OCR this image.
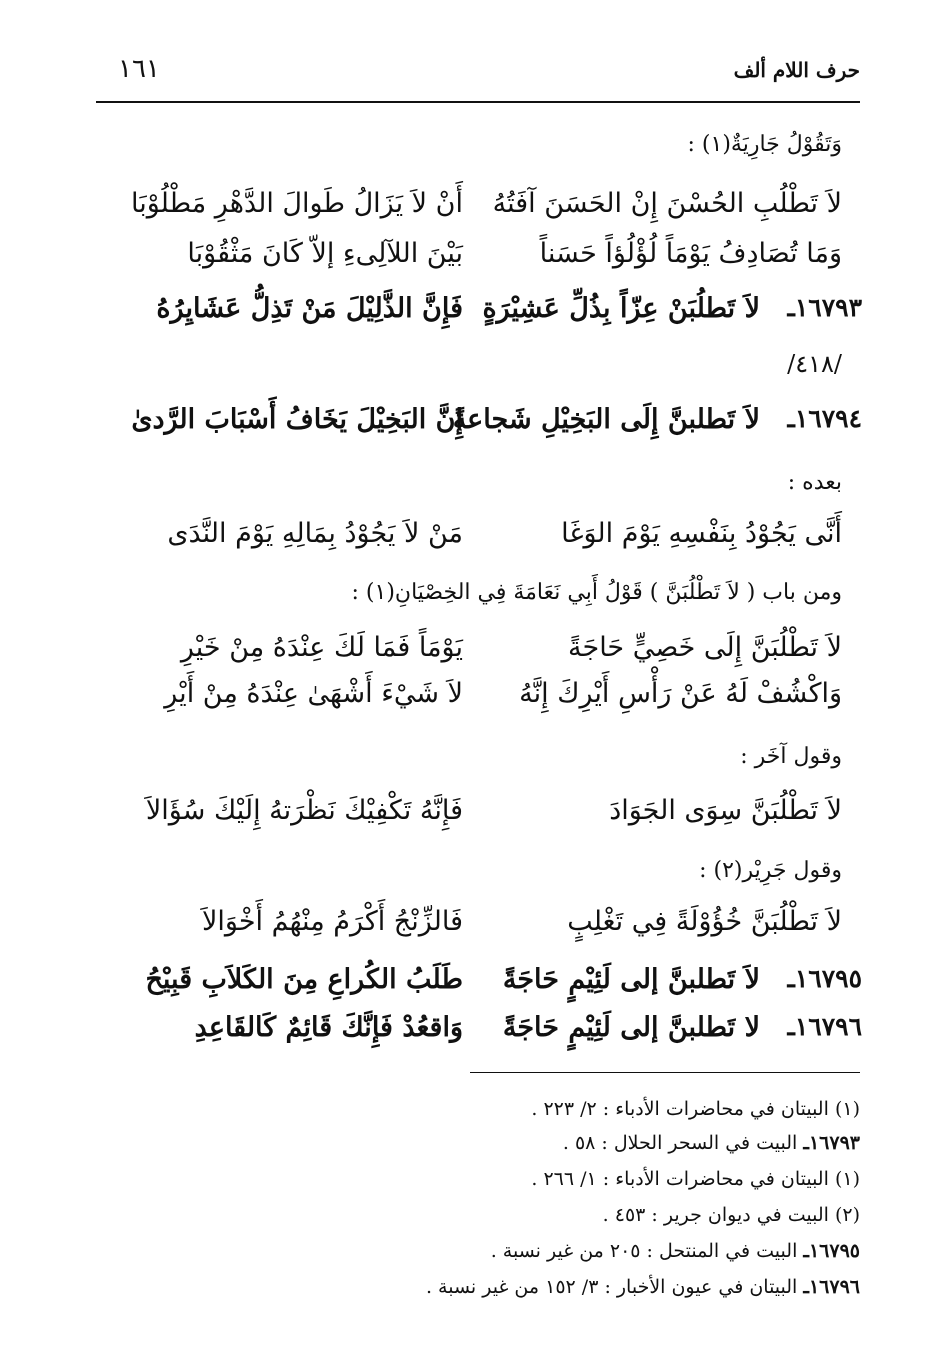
حرف اللام ألف
١٦١
وَتَقُوْلُ جَارِيَةٌ(١) :
لاَ تَطْلُبِ الحُسْنَ إِنْ الحَسَنَ آفَتُهُ
أَنْ لاَ يَزَالُ طَوالَ الدَّهْرِ مَطْلُوْبَا
وَمَا تُصَادِفُ يَوْمَاً لُؤْلُؤاً حَسَناً
بَيْنَ اللآلِىءِ إلاّ كَانَ مَثْقُوْبَا
١٦٧٩٣ـ
لاَ تَطلُبَنْ عِزّاً بِذُلِّ عَشِيْرَةٍ
فَإِنَّ الذَّلِيْلَ مَنْ تَذِلُّ عَشَايِرُهُ
/٤١٨/
١٦٧٩٤ـ
لاَ تَطلبنَّ إِلَى البَخِيْلِ شَجاعةً
إِنَّ البَخِيْلَ يَخَافُ أَسْبَابَ الرَّدىٰ
بعده :
أَنَّى يَجُوْدُ بِنَفْسِهِ يَوْمَ الوَغَا
مَنْ لاَ يَجُوْدُ بِمَالِهِ يَوْمَ النَّدَى
ومن باب ( لاَ تَطْلُبَنَّ ) قَوْلُ أَبِي نَعَامَةَ فِي الخِصْيَانِ(١) :
لاَ تَطْلُبَنَّ إِلَى خَصِيٍّ حَاجَةً
يَوْمَاً فَمَا لَكَ عِنْدَهُ مِنْ خَيْرِ
وَاكْشُفْ لَهُ عَنْ رَأْسِ أَيْرِكَ إِنَّهُ
لاَ شَيْءَ أَشْهَىٰ عِنْدَهُ مِنْ أَيْرِ
وقول آخَر :
لاَ تَطْلُبَنَّ سِوَى الجَوَادَ
فَإِنَّهُ تَكْفِيْكَ نَظْرَتهُ إِلَيْكَ سُؤَالاَ
وقول جَرِيْر(٢) :
لاَ تَطْلُبَنَّ خُؤُوْلَةً فِي تَغْلِبٍ
فَالزِّنْجُ أَكْرَمُ مِنْهُمُ أَخْوَالاَ
١٦٧٩٥ـ
لاَ تَطلبنَّ إلى لَئِيْمٍ حَاجَةً
طَلَبُ الكُراعِ مِنَ الكَلاَبِ قَبِيْحُ
١٦٧٩٦ـ
لا تَطلبنَّ إلى لَئِيْمٍ حَاجَةً
وَاقعُدْ فَإِنَّكَ قَائِمٌ كَالقَاعِدِ
(١) البيتان في محاضرات الأدباء : ٢/ ٢٢٣ .
١٦٧٩٣ـ البيت في السحر الحلال : ٥٨ .
(١) البيتان في محاضرات الأدباء : ١/ ٢٦٦ .
(٢) البيت في ديوان جرير : ٤٥٣ .
١٦٧٩٥ـ البيت في المنتحل : ٢٠٥ من غير نسبة .
١٦٧٩٦ـ البيتان في عيون الأخبار : ٣/ ١٥٢ من غير نسبة .
